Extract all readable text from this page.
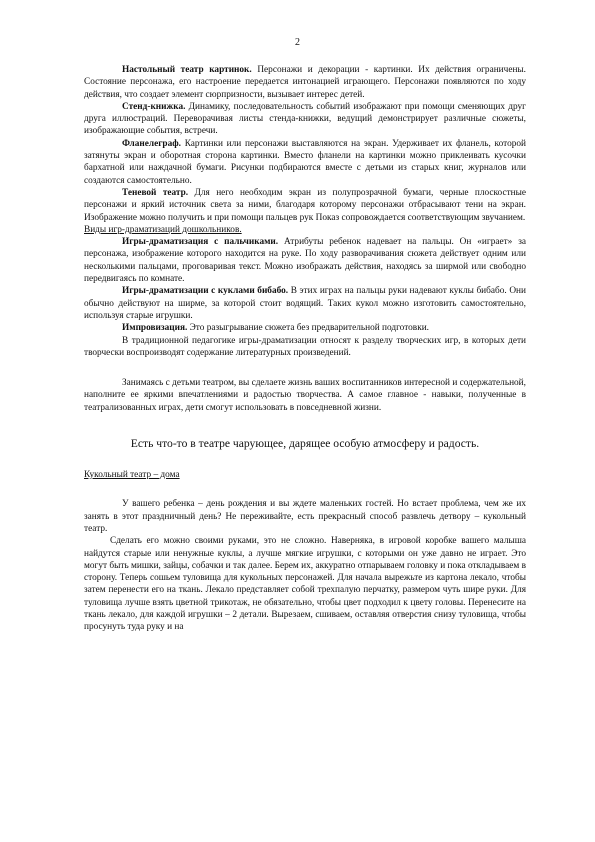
2

Настольный театр картинок. Персонажи и декорации - картинки. Их действия ограничены. Состояние персонажа, его настроение передается интонацией играющего. Персонажи появляются по ходу действия, что создает элемент сюрпризности, вызывает интерес детей.

Стенд-книжка. Динамику, последовательность событий изображают при помощи сменяющих друг друга иллюстраций. Переворачивая листы стенда-книжки, ведущий демонстрирует различные сюжеты, изображающие события, встречи.

Фланелеграф. Картинки или персонажи выставляются на экран. Удерживает их фланель, которой затянуты экран и оборотная сторона картинки. Вместо фланели на картинки можно приклеивать кусочки бархатной или наждачной бумаги. Рисунки подбираются вместе с детьми из старых книг, журналов или создаются самостоятельно.

Теневой театр. Для него необходим экран из полупрозрачной бумаги, черные плоскостные персонажи и яркий источник света за ними, благодаря которому персонажи отбрасывают тени на экран. Изображение можно получить и при помощи пальцев рук Показ сопровождается соответствующим звучанием.

Виды игр-драматизаций дошкольников.

Игры-драматизация с пальчиками. Атрибуты ребенок надевает на пальцы. Он «играет» за персонажа, изображение которого находится на руке. По ходу разворачивания сюжета действует одним или несколькими пальцами, проговаривая текст. Можно изображать действия, находясь за ширмой или свободно передвигаясь по комнате.

Игры-драматизации с куклами бибабо. В этих играх на пальцы руки надевают куклы бибабо. Они обычно действуют на ширме, за которой стоит водящий. Таких кукол можно изготовить самостоятельно, используя старые игрушки.

Импровизация. Это разыгрывание сюжета без предварительной подготовки.

В традиционной педагогике игры-драматизации относят к разделу творческих игр, в которых дети творчески воспроизводят содержание литературных произведений.

Занимаясь с детьми театром, вы сделаете жизнь ваших воспитанников интересной и содержательной, наполните ее яркими впечатлениями и радостью творчества. А самое главное - навыки, полученные в театрализованных играх, дети смогут использовать в повседневной жизни.

Есть что-то в театре чарующее, дарящее особую атмосферу и радость.

Кукольный театр – дома

У вашего ребенка – день рождения и вы ждете маленьких гостей. Но встает проблема, чем же их занять в этот праздничный день? Не переживайте, есть прекрасный способ развлечь детвору – кукольный театр.

Сделать его можно своими руками, это не сложно. Наверняка, в игровой коробке вашего малыша найдутся старые или ненужные куклы, а лучше мягкие игрушки, с которыми он уже давно не играет. Это могут быть мишки, зайцы, собачки и так далее. Берем их, аккуратно отпарываем головку и пока откладываем в сторону. Теперь сошьем туловища для кукольных персонажей. Для начала вырежьте из картона лекало, чтобы затем перенести его на ткань. Лекало представляет собой трехпалую перчатку, размером чуть шире руки. Для туловища лучше взять цветной трикотаж, не обязательно, чтобы цвет подходил к цвету головы. Перенесите на ткань лекало, для каждой игрушки – 2 детали. Вырезаем, сшиваем, оставляя отверстия снизу туловища, чтобы просунуть туда руку и на
